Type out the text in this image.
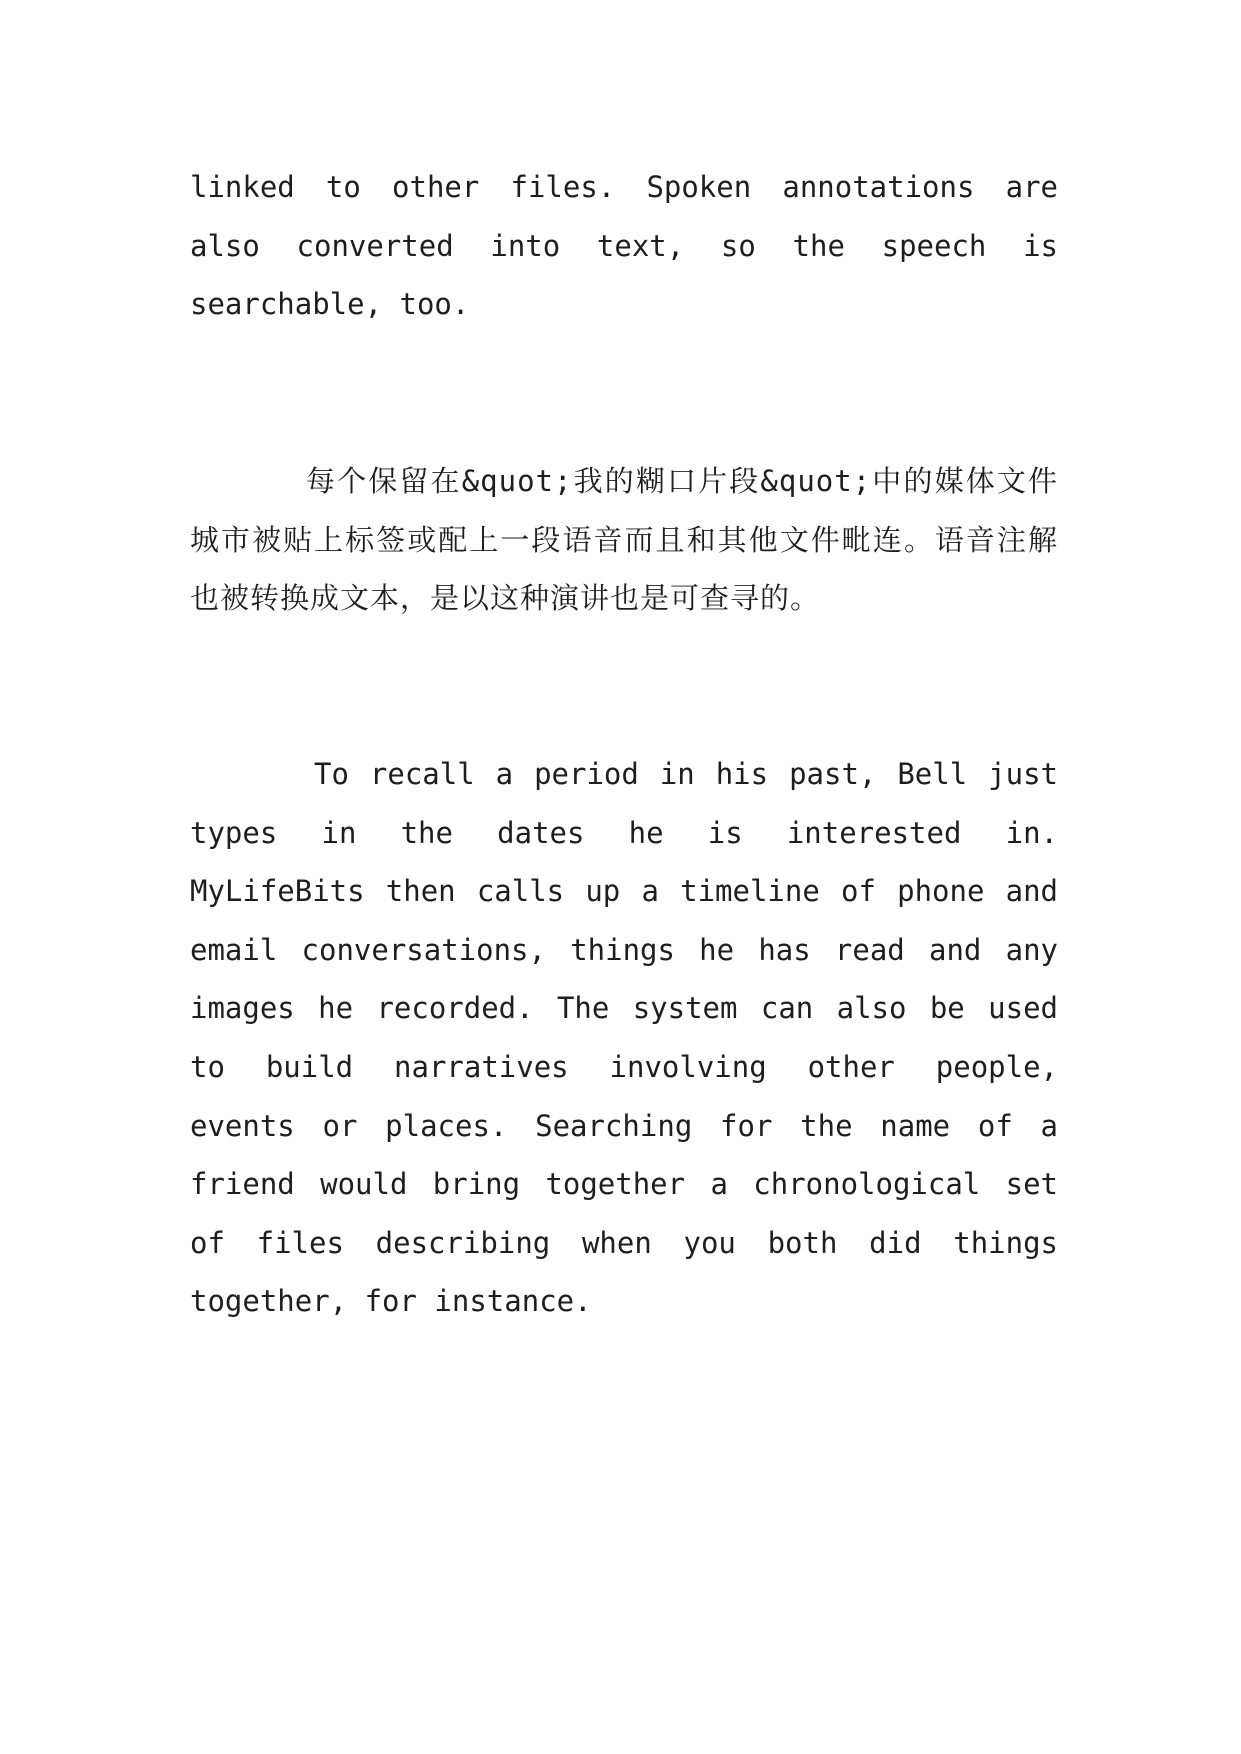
linked to other files. Spoken annotations are also converted into text, so the speech is searchable, too.

每个保留在&quot;我的糊口片段&quot;中的媒体文件城市被贴上标签或配上一段语音而且和其他文件毗连。语音注解也被转换成文本，是以这种演讲也是可查寻的。

To recall a period in his past, Bell just types in the dates he is interested in. MyLifeBits then calls up a timeline of phone and email conversations, things he has read and any images he recorded. The system can also be used to build narratives involving other people, events or places. Searching for the name of a friend would bring together a chronological set of files describing when you both did things together, for instance.
